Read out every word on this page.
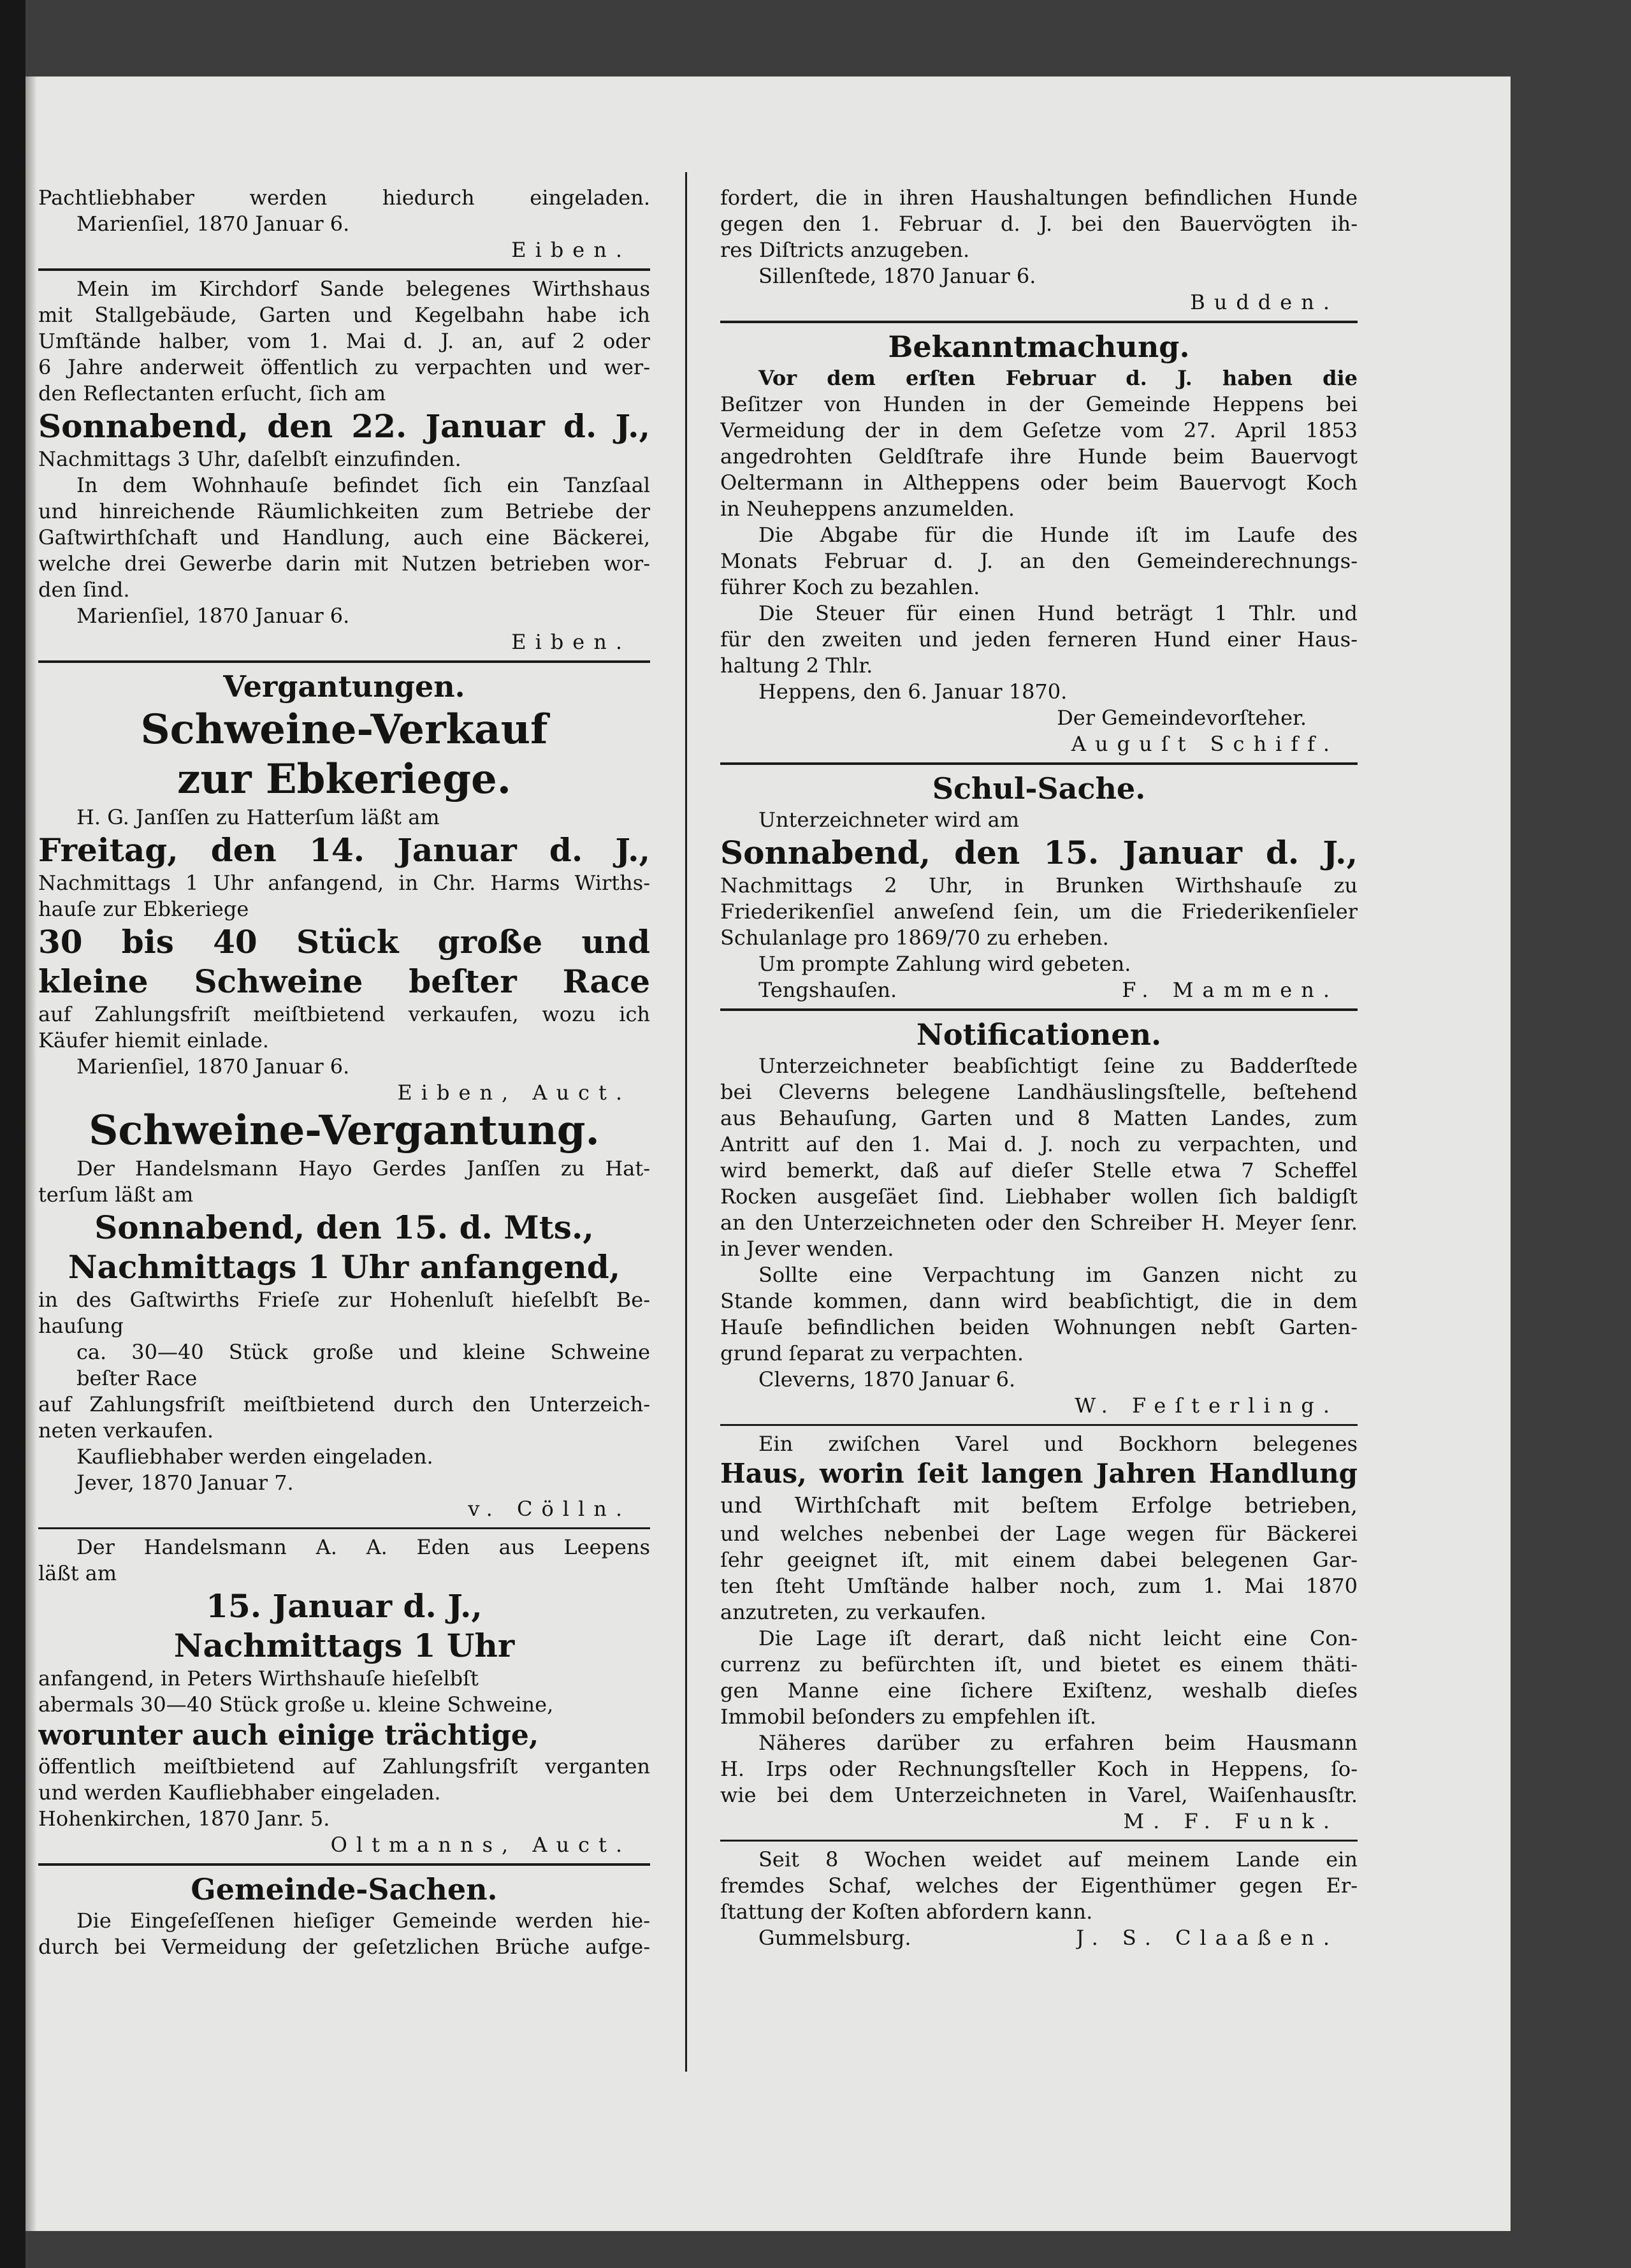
Pachtliebhaber werden hiedurch eingeladen.
Marienſiel, 1870 Januar 6.
Eiben.
Mein im Kirchdorf Sande belegenes Wirthshaus
mit Stallgebäude, Garten und Kegelbahn habe ich
Umſtände halber, vom 1. Mai d. J. an, auf 2 oder
6 Jahre anderweit öffentlich zu verpachten und wer-
den Reflectanten erſucht, ſich am
Sonnabend, den 22. Januar d. J.,
Nachmittags 3 Uhr, daſelbſt einzufinden.
In dem Wohnhauſe befindet ſich ein Tanzſaal
und hinreichende Räumlichkeiten zum Betriebe der
Gaſtwirthſchaft und Handlung, auch eine Bäckerei,
welche drei Gewerbe darin mit Nutzen betrieben wor-
den ſind.
Marienſiel, 1870 Januar 6.
Eiben.
Vergantungen.
Schweine-Verkauf
zur Ebkeriege.
H. G. Janſſen zu Hatterſum läßt am
Freitag, den 14. Januar d. J.,
Nachmittags 1 Uhr anfangend, in Chr. Harms Wirths-
hauſe zur Ebkeriege
30 bis 40 Stück große und
kleine Schweine beſter Race
auf Zahlungsfriſt meiſtbietend verkaufen, wozu ich
Käufer hiemit einlade.
Marienſiel, 1870 Januar 6.
Eiben, Auct.
Schweine-Vergantung.
Der Handelsmann Hayo Gerdes Janſſen zu Hat-
terſum läßt am
Sonnabend, den 15. d. Mts.,
Nachmittags 1 Uhr anfangend,
in des Gaſtwirths Frieſe zur Hohenluſt hieſelbſt Be-
hauſung
ca. 30—40 Stück große und kleine Schweine
beſter Race
auf Zahlungsfriſt meiſtbietend durch den Unterzeich-
neten verkaufen.
Kaufliebhaber werden eingeladen.
Jever, 1870 Januar 7.
v. Cölln.
Der Handelsmann A. A. Eden aus Leepens
läßt am
15. Januar d. J.,
Nachmittags 1 Uhr
anfangend, in Peters Wirthshauſe hieſelbſt
abermals 30—40 Stück große u. kleine Schweine,
worunter auch einige trächtige,
öffentlich meiſtbietend auf Zahlungsfriſt verganten
und werden Kaufliebhaber eingeladen.
Hohenkirchen, 1870 Janr. 5.
Oltmanns, Auct.
Gemeinde-Sachen.
Die Eingeſeſſenen hieſiger Gemeinde werden hie-
durch bei Vermeidung der geſetzlichen Brüche aufge-
fordert, die in ihren Haushaltungen befindlichen Hunde
gegen den 1. Februar d. J. bei den Bauervögten ih-
res Diſtricts anzugeben.
Sillenſtede, 1870 Januar 6.
Budden.
Bekanntmachung.
Vor dem erſten Februar d. J. haben die
Beſitzer von Hunden in der Gemeinde Heppens bei
Vermeidung der in dem Geſetze vom 27. April 1853
angedrohten Geldſtrafe ihre Hunde beim Bauervogt
Oeltermann in Altheppens oder beim Bauervogt Koch
in Neuheppens anzumelden.
Die Abgabe für die Hunde iſt im Laufe des
Monats Februar d. J. an den Gemeinderechnungs-
führer Koch zu bezahlen.
Die Steuer für einen Hund beträgt 1 Thlr. und
für den zweiten und jeden ferneren Hund einer Haus-
haltung 2 Thlr.
Heppens, den 6. Januar 1870.
Der Gemeindevorſteher.
Auguſt Schiff.
Schul-Sache.
Unterzeichneter wird am
Sonnabend, den 15. Januar d. J.,
Nachmittags 2 Uhr, in Brunken Wirthshauſe zu
Friederikenſiel anweſend ſein, um die Friederikenſieler
Schulanlage pro 1869/70 zu erheben.
Um prompte Zahlung wird gebeten.
Tengshauſen.	F. Mammen.
Notificationen.
Unterzeichneter beabſichtigt ſeine zu Badderſtede
bei Cleverns belegene Landhäuslingsſtelle, beſtehend
aus Behauſung, Garten und 8 Matten Landes, zum
Antritt auf den 1. Mai d. J. noch zu verpachten, und
wird bemerkt, daß auf dieſer Stelle etwa 7 Scheffel
Rocken ausgeſäet ſind. Liebhaber wollen ſich baldigſt
an den Unterzeichneten oder den Schreiber H. Meyer ſenr.
in Jever wenden.
Sollte eine Verpachtung im Ganzen nicht zu
Stande kommen, dann wird beabſichtigt, die in dem
Hauſe befindlichen beiden Wohnungen nebſt Garten-
grund ſeparat zu verpachten.
Cleverns, 1870 Januar 6.
W. Feſterling.
Ein zwiſchen Varel und Bockhorn belegenes
Haus, worin ſeit langen Jahren Handlung
und Wirthſchaft mit beſtem Erfolge betrieben,
und welches nebenbei der Lage wegen für Bäckerei
ſehr geeignet iſt, mit einem dabei belegenen Gar-
ten ſteht Umſtände halber noch, zum 1. Mai 1870
anzutreten, zu verkaufen.
Die Lage iſt derart, daß nicht leicht eine Con-
currenz zu befürchten iſt, und bietet es einem thäti-
gen Manne eine ſichere Exiſtenz, weshalb dieſes
Immobil beſonders zu empfehlen iſt.
Näheres darüber zu erfahren beim Hausmann
H. Irps oder Rechnungsſteller Koch in Heppens, ſo-
wie bei dem Unterzeichneten in Varel, Waiſenhausſtr.
M. F. Funk.
Seit 8 Wochen weidet auf meinem Lande ein
fremdes Schaf, welches der Eigenthümer gegen Er-
ſtattung der Koſten abfordern kann.
Gummelsburg.	J. S. Claaßen.
